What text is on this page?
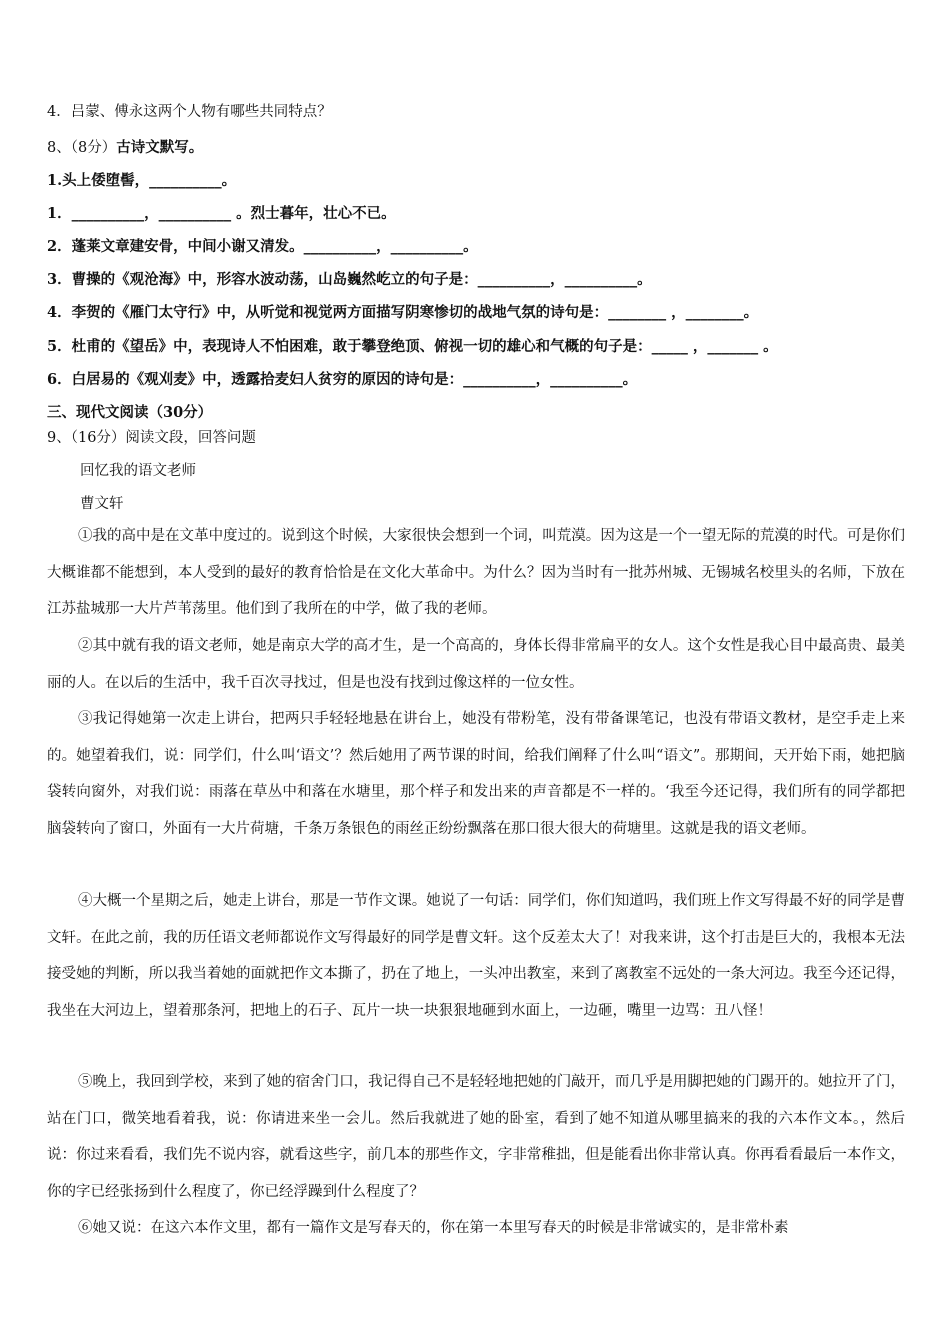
4．吕蒙、傅永这两个人物有哪些共同特点？
8、（8分）古诗文默写。
1.头上倭堕髻，__________。
1．__________，__________ 。烈士暮年，壮心不已。
2．蓬莱文章建安骨，中间小谢又清发。__________，__________。
3．曹操的《观沧海》中，形容水波动荡，山岛巍然屹立的句子是：__________，__________。
4．李贺的《雁门太守行》中，从听觉和视觉两方面描写阴寒惨切的战地气氛的诗句是：________ ，________。
5．杜甫的《望岳》中，表现诗人不怕困难，敢于攀登绝顶、俯视一切的雄心和气概的句子是：_____ ，_______ 。
6．白居易的《观刈麦》中，透露拾麦妇人贫穷的原因的诗句是：__________，__________。
三、现代文阅读（30分）
9、（16分）阅读文段，回答问题
回忆我的语文老师
曹文轩
①我的高中是在文革中度过的。说到这个时候，大家很快会想到一个词，叫荒漠。因为这是一个一望无际的荒漠的时代。可是你们大概谁都不能想到，本人受到的最好的教育恰恰是在文化大革命中。为什么？因为当时有一批苏州城、无锡城名校里头的名师，下放在江苏盐城那一大片芦苇荡里。他们到了我所在的中学，做了我的老师。
②其中就有我的语文老师，她是南京大学的高才生，是一个高高的，身体长得非常扁平的女人。这个女性是我心目中最高贵、最美丽的人。在以后的生活中，我千百次寻找过，但是也没有找到过像这样的一位女性。
③我记得她第一次走上讲台，把两只手轻轻地悬在讲台上，她没有带粉笔，没有带备课笔记，也没有带语文教材，是空手走上来的。她望着我们，说：同学们，什么叫‘语文’？然后她用了两节课的时间，给我们阐释了什么叫“语文”。那期间，天开始下雨，她把脑袋转向窗外，对我们说：雨落在草丛中和落在水塘里，那个样子和发出来的声音都是不一样的。‘我至今还记得，我们所有的同学都把脑袋转向了窗口，外面有一大片荷塘，千条万条银色的雨丝正纷纷飘落在那口很大很大的荷塘里。这就是我的语文老师。
④大概一个星期之后，她走上讲台，那是一节作文课。她说了一句话：同学们，你们知道吗，我们班上作文写得最不好的同学是曹文轩。在此之前，我的历任语文老师都说作文写得最好的同学是曹文轩。这个反差太大了！对我来讲，这个打击是巨大的，我根本无法接受她的判断，所以我当着她的面就把作文本撕了，扔在了地上，一头冲出教室，来到了离教室不远处的一条大河边。我至今还记得，我坐在大河边上，望着那条河，把地上的石子、瓦片一块一块狠狠地砸到水面上，一边砸，嘴里一边骂：丑八怪！
⑤晚上，我回到学校，来到了她的宿舍门口，我记得自己不是轻轻地把她的门敲开，而几乎是用脚把她的门踢开的。她拉开了门，站在门口，微笑地看着我，说：你请进来坐一会儿。然后我就进了她的卧室，看到了她不知道从哪里搞来的我的六本作文本。，然后说：你过来看看，我们先不说内容，就看这些字，前几本的那些作文，字非常稚拙，但是能看出你非常认真。你再看看最后一本作文，你的字已经张扬到什么程度了，你已经浮躁到什么程度了？
⑥她又说：在这六本作文里，都有一篇作文是写春天的，你在第一本里写春天的时候是非常诚实的，是非常朴素
